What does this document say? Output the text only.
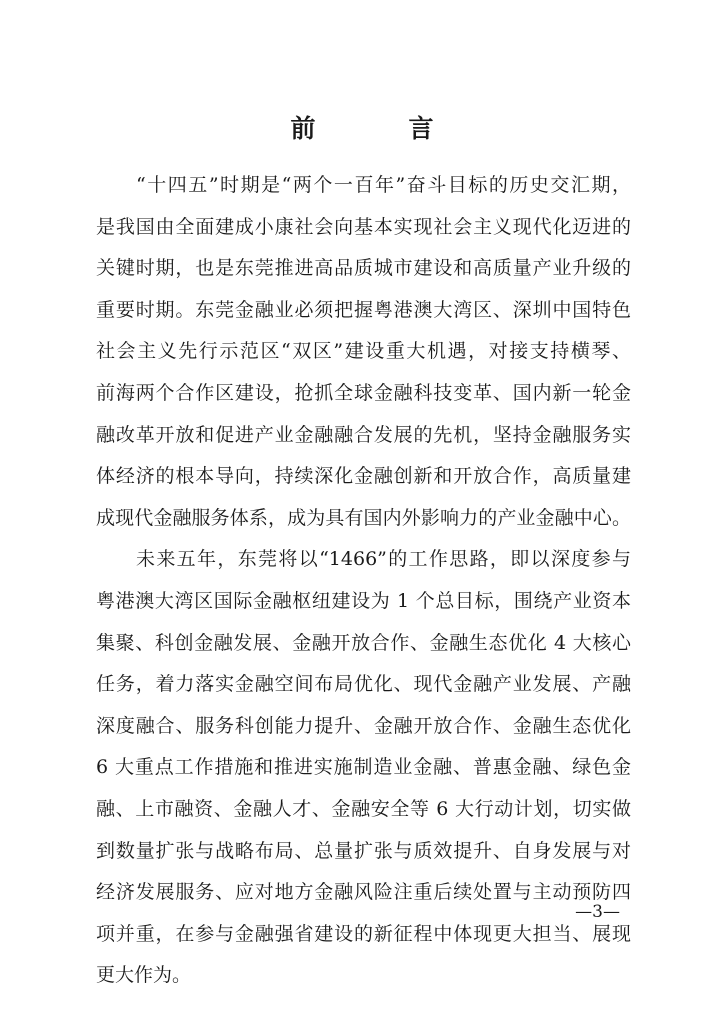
前　言
“十四五”时期是“两个一百年”奋斗目标的历史交汇期，
是我国由全面建成小康社会向基本实现社会主义现代化迈进的
关键时期，也是东莞推进高品质城市建设和高质量产业升级的
重要时期。东莞金融业必须把握粤港澳大湾区、深圳中国特色
社会主义先行示范区“双区”建设重大机遇，对接支持横琴、
前海两个合作区建设，抢抓全球金融科技变革、国内新一轮金
融改革开放和促进产业金融融合发展的先机，坚持金融服务实
体经济的根本导向，持续深化金融创新和开放合作，高质量建
成现代金融服务体系，成为具有国内外影响力的产业金融中心。
未来五年，东莞将以“1466”的工作思路，即以深度参与
粤港澳大湾区国际金融枢纽建设为 1 个总目标，围绕产业资本
集聚、科创金融发展、金融开放合作、金融生态优化 4 大核心
任务，着力落实金融空间布局优化、现代金融产业发展、产融
深度融合、服务科创能力提升、金融开放合作、金融生态优化
6 大重点工作措施和推进实施制造业金融、普惠金融、绿色金
融、上市融资、金融人才、金融安全等 6 大行动计划，切实做
到数量扩张与战略布局、总量扩张与质效提升、自身发展与对
经济发展服务、应对地方金融风险注重后续处置与主动预防四
项并重，在参与金融强省建设的新征程中体现更大担当、展现
更大作为。
—3—
